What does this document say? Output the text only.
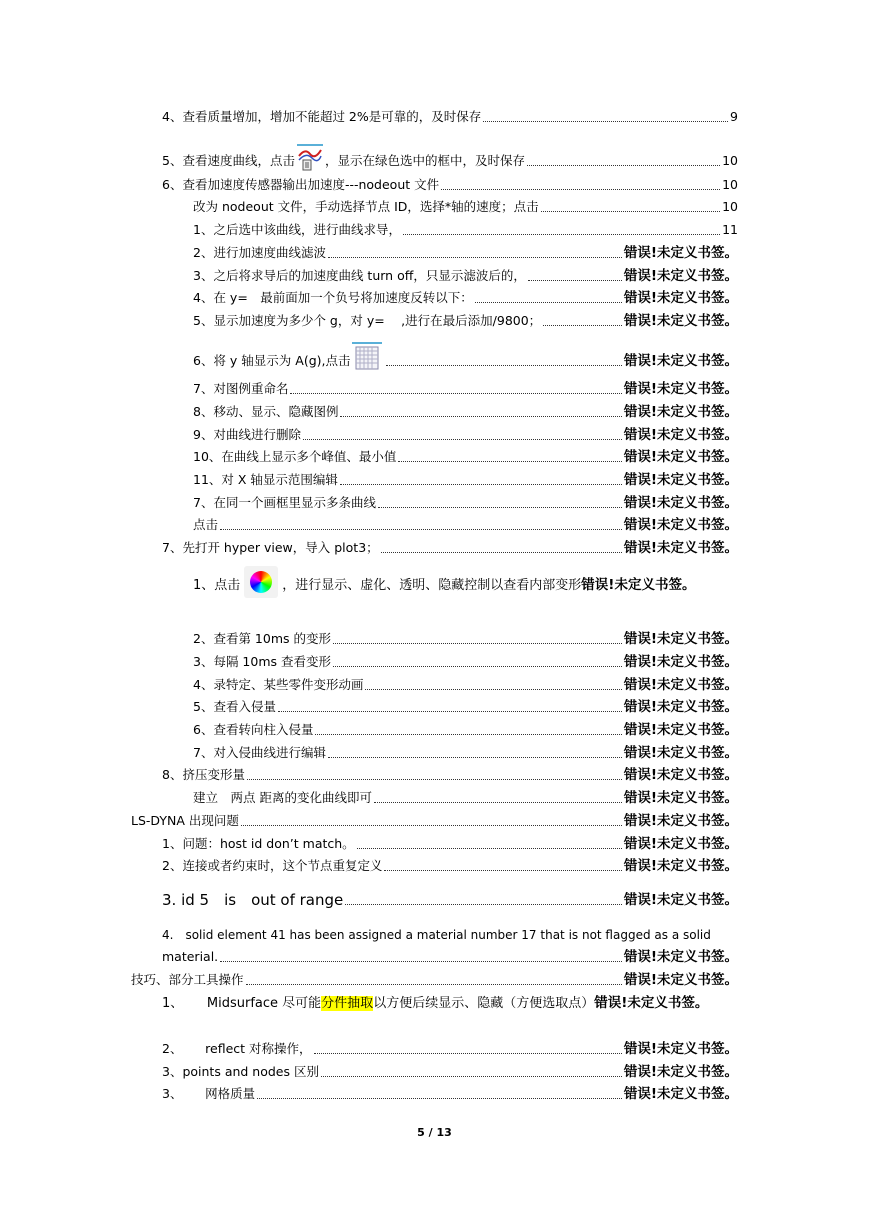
4、查看质量增加，增加不能超过 2%是可靠的，及时保存	9
5、查看速度曲线，点击 ，显示在绿色选中的框中，及时保存	10
6、查看加速度传感器输出加速度---nodeout 文件	10
改为 nodeout 文件，手动选择节点 ID，选择*轴的速度；点击	10
1、之后选中该曲线，进行曲线求导，	11
2、进行加速度曲线滤波	错误!未定义书签。
3、之后将求导后的加速度曲线 turn off，只显示滤波后的，	错误!未定义书签。
4、在 y=　最前面加一个负号将加速度反转以下：	错误!未定义书签。
5、显示加速度为多少个 g，对 y=　 ,进行在最后添加/9800；	错误!未定义书签。
6、将 y 轴显示为 A(g),点击	错误!未定义书签。
7、对图例重命名	错误!未定义书签。
8、移动、显示、隐藏图例	错误!未定义书签。
9、对曲线进行删除	错误!未定义书签。
10、在曲线上显示多个峰值、最小值	错误!未定义书签。
11、对 X 轴显示范围编辑	错误!未定义书签。
7、在同一个画框里显示多条曲线	错误!未定义书签。
点击	错误!未定义书签。
7、先打开 hyper view，导入 plot3；	错误!未定义书签。
1、点击	，进行显示、虚化、透明、隐藏控制以查看内部变形错误!未定义书签。
2、查看第 10ms 的变形	错误!未定义书签。
3、每隔 10ms 查看变形	错误!未定义书签。
4、录特定、某些零件变形动画	错误!未定义书签。
5、查看入侵量	错误!未定义书签。
6、查看转向柱入侵量	错误!未定义书签。
7、对入侵曲线进行编辑	错误!未定义书签。
8、挤压变形量	错误!未定义书签。
建立　两点 距离的变化曲线即可	错误!未定义书签。
LS-DYNA 出现问题	错误!未定义书签。
1、问题：host id don’t match。	错误!未定义书签。
2、连接或者约束时，这个节点重复定义	错误!未定义书签。
3. id 5　is　out of range	错误!未定义书签。
4.　solid element 41 has been assigned a material number 17 that is not flagged as a solid
material.	错误!未定义书签。
技巧、部分工具操作	错误!未定义书签。
1、　　 Midsurface 尽可能分件抽取以方便后续显示、隐藏（方便选取点）错误!未定义书签。
2、　　 reflect 对称操作，	错误!未定义书签。
3、points and nodes 区别	错误!未定义书签。
3、　　 网格质量	错误!未定义书签。
5 / 13
